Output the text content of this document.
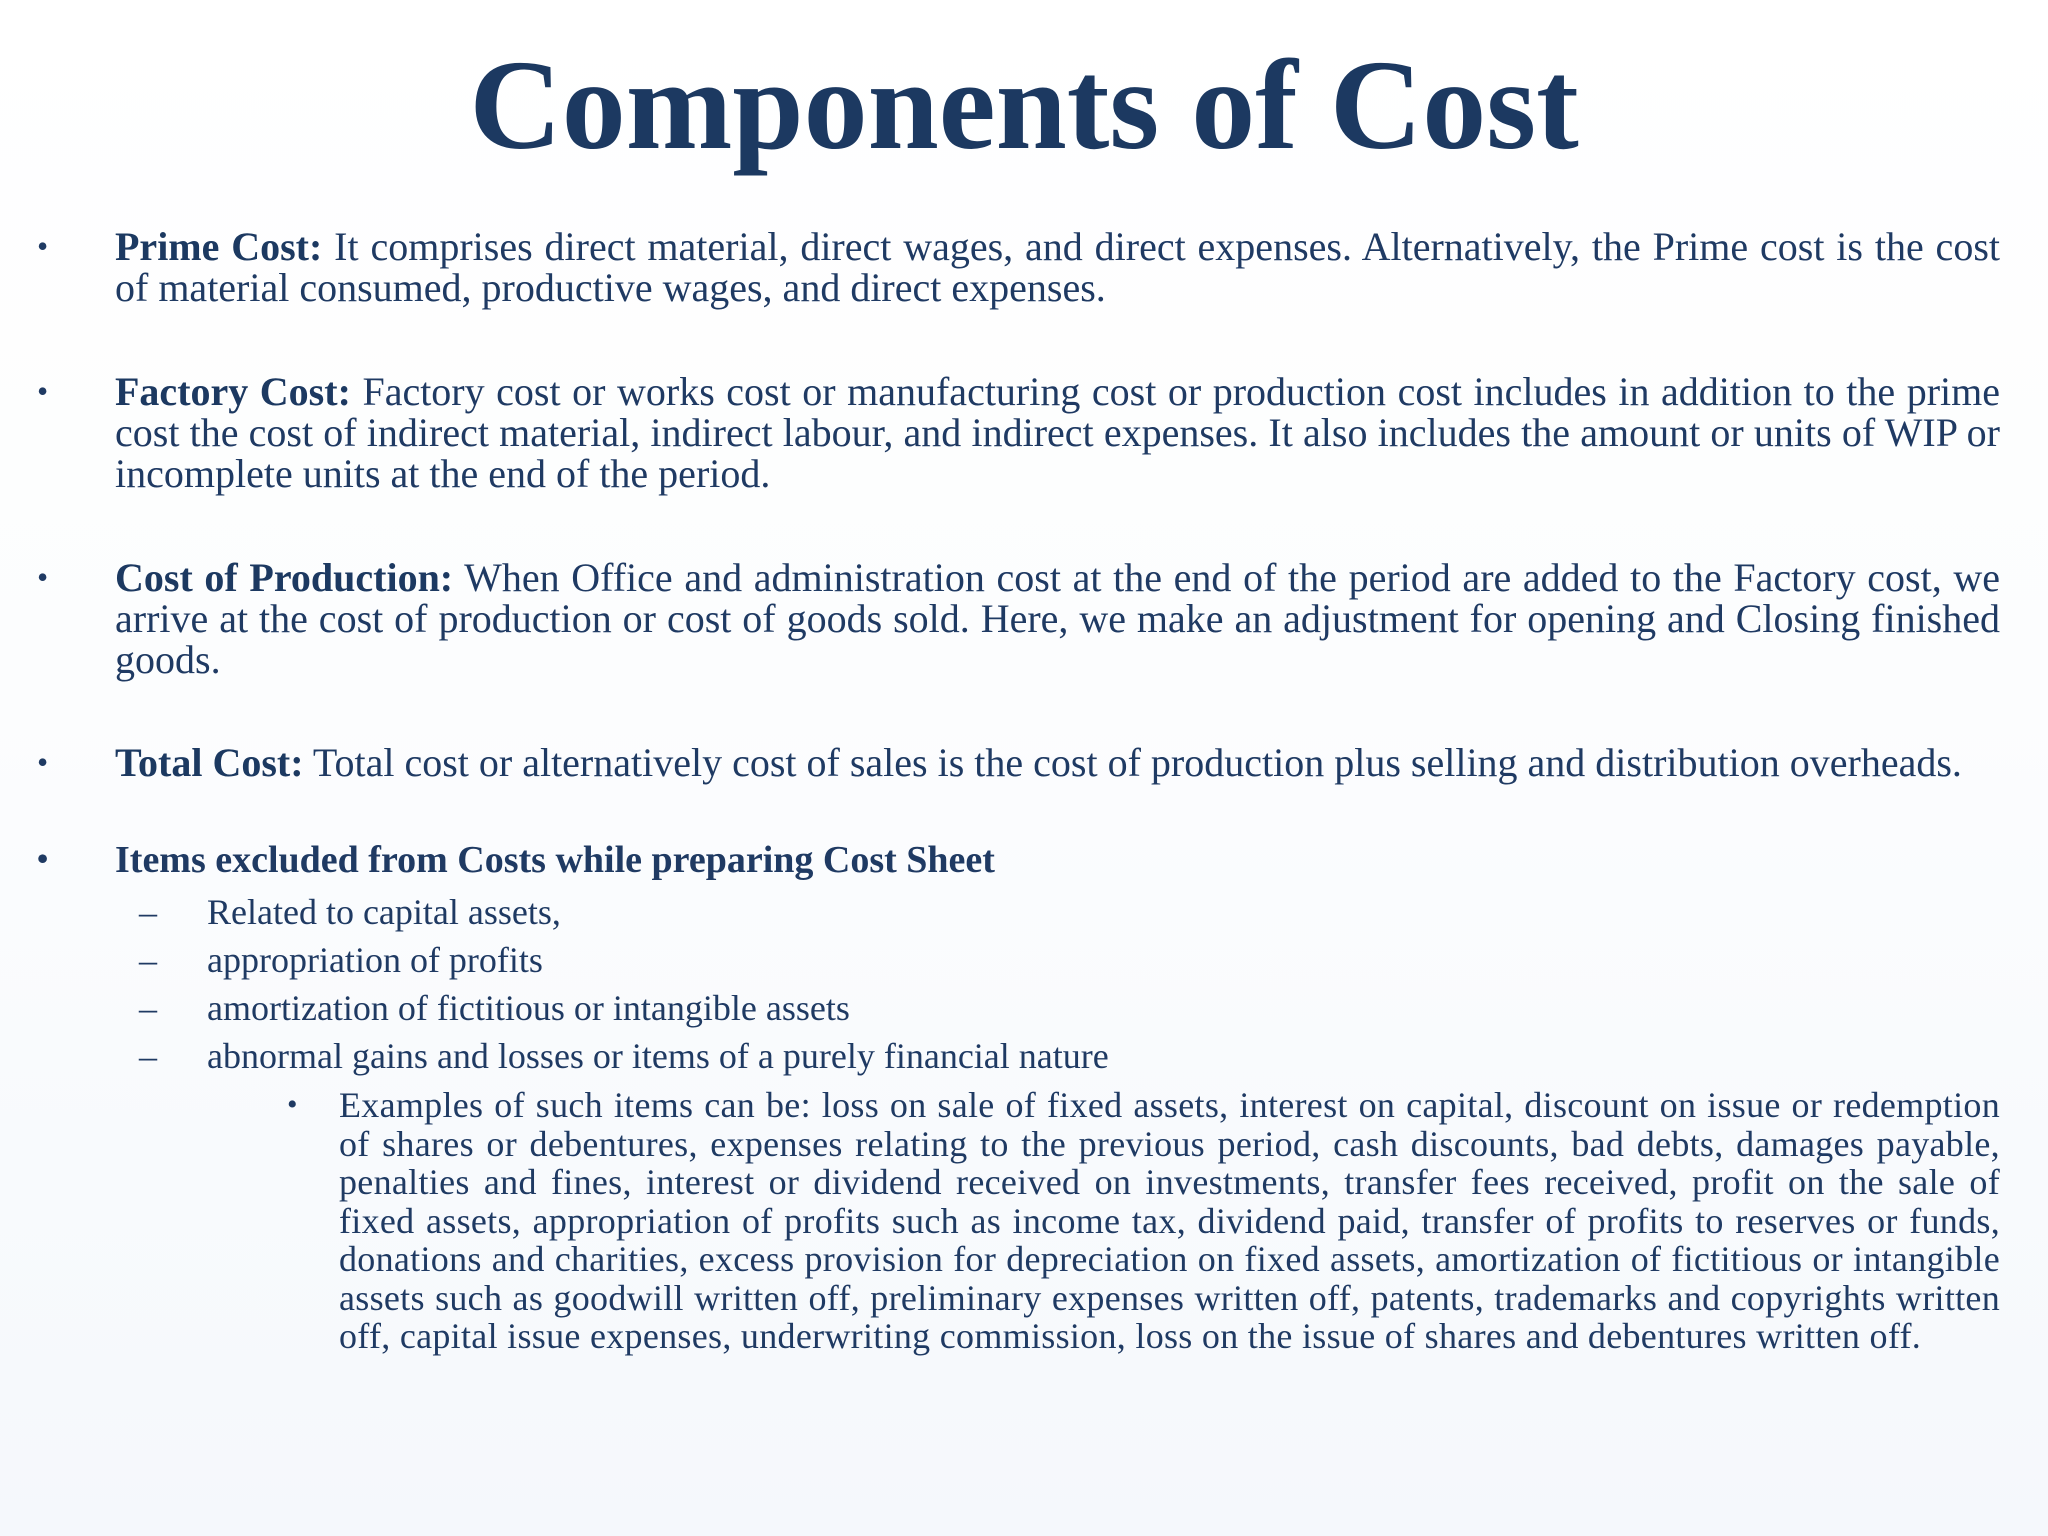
Components of Cost
• Prime Cost: It comprises direct material, direct wages, and direct expenses. Alternatively, the Prime cost is the cost of material consumed, productive wages, and direct expenses.
• Factory Cost: Factory cost or works cost or manufacturing cost or production cost includes in addition to the prime cost the cost of indirect material, indirect labour, and indirect expenses. It also includes the amount or units of WIP or incomplete units at the end of the period.
• Cost of Production: When Office and administration cost at the end of the period are added to the Factory cost, we arrive at the cost of production or cost of goods sold. Here, we make an adjustment for opening and Closing finished goods.
• Total Cost: Total cost or alternatively cost of sales is the cost of production plus selling and distribution overheads.
• Items excluded from Costs while preparing Cost Sheet
– Related to capital assets,
– appropriation of profits
– amortization of fictitious or intangible assets
– abnormal gains and losses or items of a purely financial nature
• Examples of such items can be: loss on sale of fixed assets, interest on capital, discount on issue or redemption of shares or debentures, expenses relating to the previous period, cash discounts, bad debts, damages payable, penalties and fines, interest or dividend received on investments, transfer fees received, profit on the sale of fixed assets, appropriation of profits such as income tax, dividend paid, transfer of profits to reserves or funds, donations and charities, excess provision for depreciation on fixed assets, amortization of fictitious or intangible assets such as goodwill written off, preliminary expenses written off, patents, trademarks and copyrights written off, capital issue expenses, underwriting commission, loss on the issue of shares and debentures written off.
